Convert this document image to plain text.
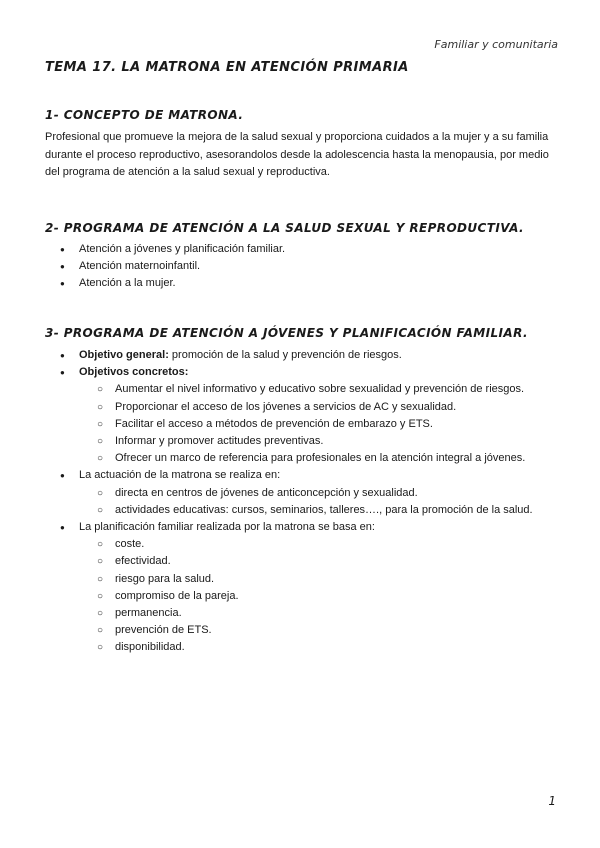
Familiar y comunitaria
TEMA 17. LA MATRONA EN ATENCIÓN PRIMARIA
1- CONCEPTO DE MATRONA.

Profesional que promueve la mejora de la salud sexual y proporciona cuidados a la mujer y a su familia durante el proceso reproductivo, asesorandolos desde la adolescencia hasta la menopausia, por medio del programa de atención a la salud sexual y reproductiva.

2- PROGRAMA DE ATENCIÓN A LA SALUD SEXUAL Y REPRODUCTIVA.
● Atención a jóvenes y planificación familiar.
● Atención maternoinfantil.
● Atención a la mujer.
3- PROGRAMA DE ATENCIÓN A JÓVENES Y PLANIFICACIÓN FAMILIAR.
● Objetivo general: promoción de la salud y prevención de riesgos.
● Objetivos concretos:
○ Aumentar el nivel informativo y educativo sobre sexualidad y prevención de riesgos.
○ Proporcionar el acceso de los jóvenes a servicios de AC y sexualidad.
○ Facilitar el acceso a métodos de prevención de embarazo y ETS.
○ Informar y promover actitudes preventivas.
○ Ofrecer un marco de referencia para profesionales en la atención integral a jóvenes.
● La actuación de la matrona se realiza en:
○ directa en centros de jóvenes de anticoncepción y sexualidad.
○ actividades educativas: cursos, seminarios, talleres…., para la promoción de la salud.
● La planificación familiar realizada por la matrona se basa en:
○ coste.
○ efectividad.
○ riesgo para la salud.
○ compromiso de la pareja.
○ permanencia.
○ prevención de ETS.
○ disponibilidad.
1
